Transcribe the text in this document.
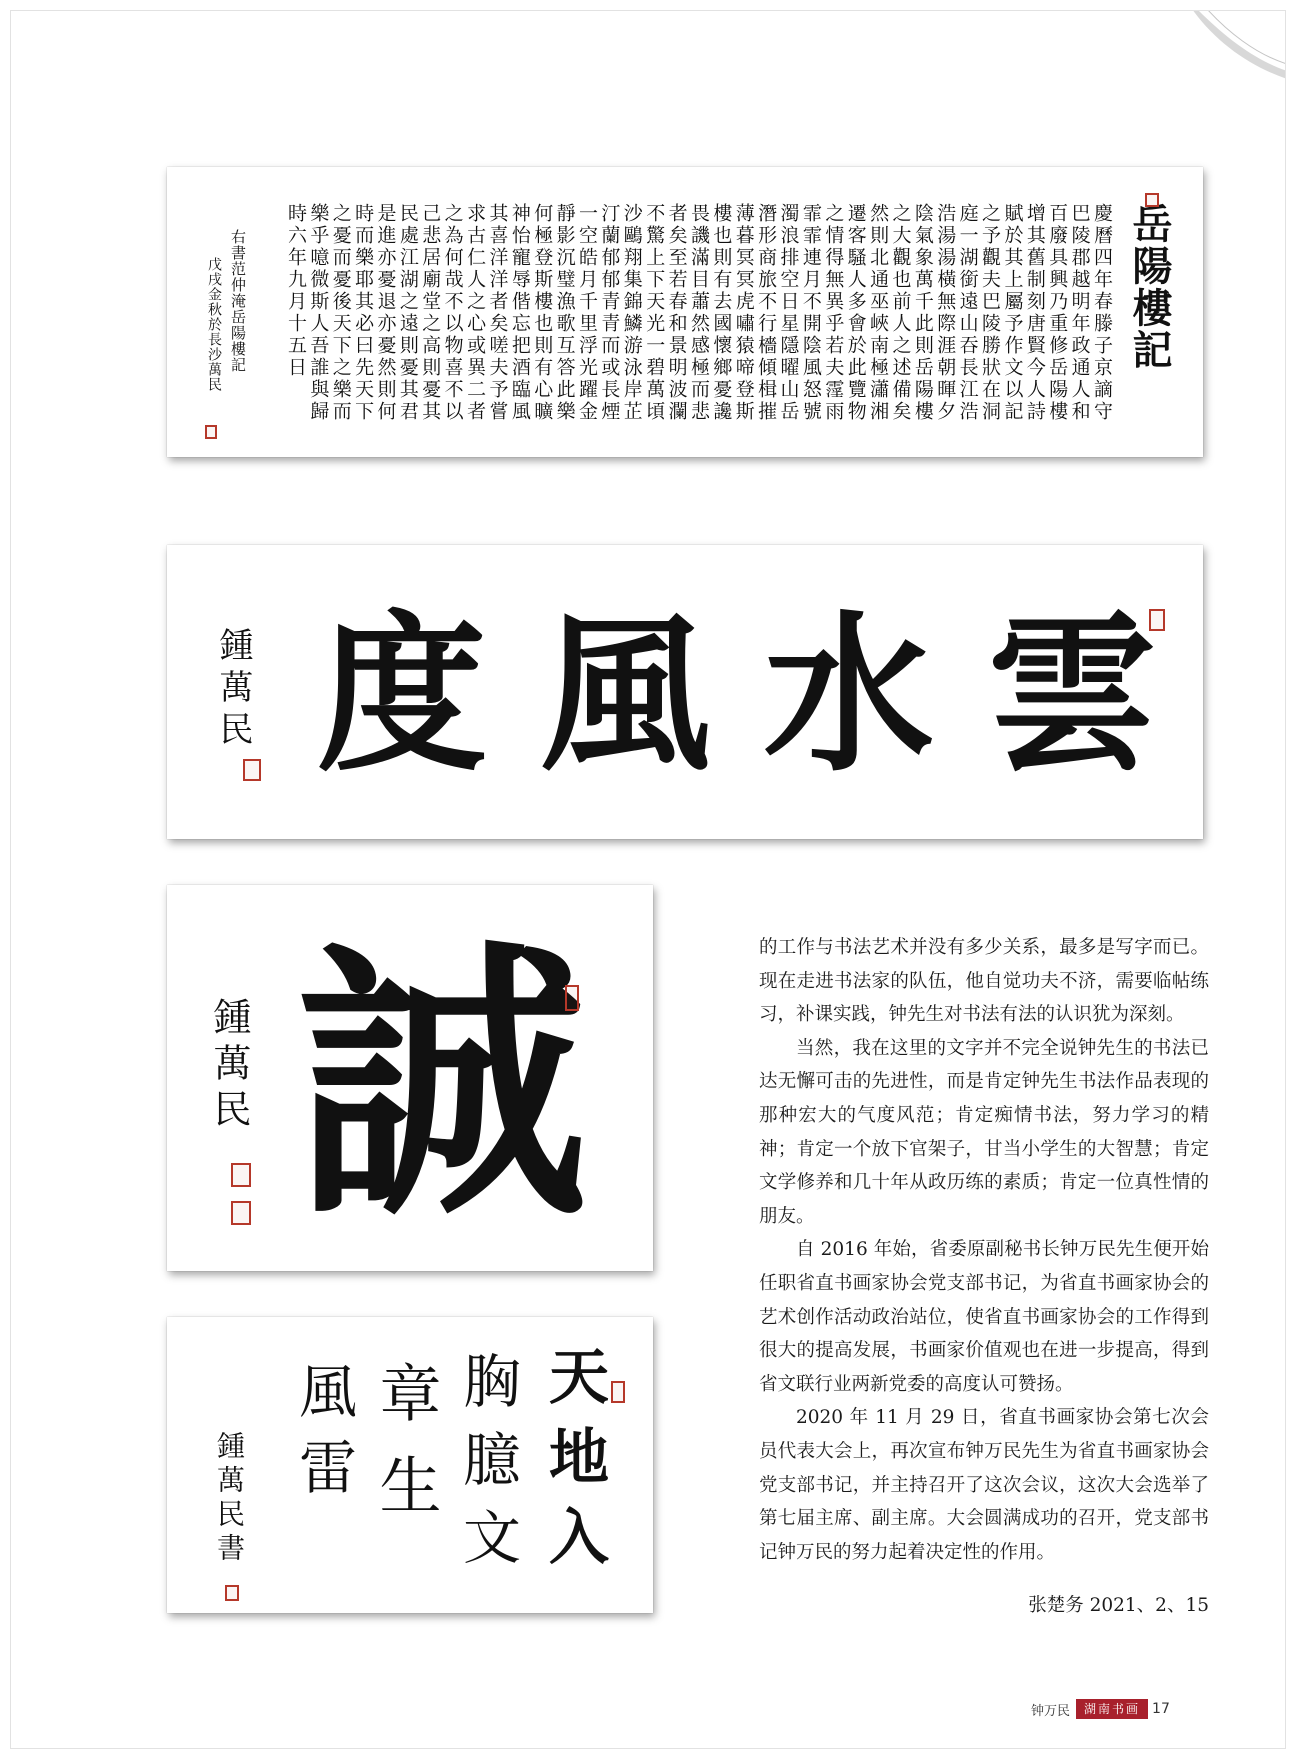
岳陽樓記
慶曆四年春滕子京謫守
巴陵郡越明年政通人和
百廢具興乃重修岳陽樓
增其舊制刻唐賢今人詩
賦於其上屬予作文以記
之予觀夫巴陵勝狀在洞
庭一湖銜遠山吞長江浩
浩湯湯橫無際涯朝暉夕
陰氣象萬千此則岳陽樓
之大觀也前人之述備矣
然則北通巫峽南極瀟湘
遷客騷人多會於此覽物
之情得無異乎若夫霪雨
霏霏連月不開陰風怒號
濁浪排空日星隱曜山岳
潛形商旅不行檣傾楫摧
薄暮冥冥虎嘯猿啼登斯
樓也則有去國懷鄉憂讒
畏譏滿目蕭然感極而悲
者矣至若春和景明波瀾
不驚上下天光一碧萬頃
沙鷗翔集錦鱗游泳岸芷
汀蘭郁郁青青而或長煙
一空皓月千里浮光躍金
靜影沉璧漁歌互答此樂
何極登斯樓也則有心曠
神怡寵辱偕忘把酒臨風
其喜洋洋者矣嗟夫予嘗
求古仁人之心或異二者
之為何哉不以物喜不以
己悲居廟堂之高則憂其
民處江湖之遠則憂其君
是進亦憂退亦憂然則何
時而樂耶其必曰先天下
之憂而憂後天下之樂而
樂乎噫微斯人吾誰與歸
時六年九月十五日
右書范仲淹岳陽樓記
戊戌金秋於長沙萬民
雲
水
風
度
鍾萬民
誠
鍾萬民
天地入
胸臆文
章生
風雷
鍾萬民書

的工作与书法艺术并没有多少关系，最多是写字而已。现在走进书法家的队伍，他自觉功夫不济，需要临帖练习，补课实践，钟先生对书法有法的认识犹为深刻。

当然，我在这里的文字并不完全说钟先生的书法已达无懈可击的先进性，而是肯定钟先生书法作品表现的那种宏大的气度风范；肯定痴情书法，努力学习的精神；肯定一个放下官架子，甘当小学生的大智慧；肯定文学修养和几十年从政历练的素质；肯定一位真性情的朋友。

自 2016 年始，省委原副秘书长钟万民先生便开始任职省直书画家协会党支部书记，为省直书画家协会的艺术创作活动政治站位，使省直书画家协会的工作得到很大的提高发展，书画家价值观也在进一步提高，得到省文联行业两新党委的高度认可赞扬。

2020 年 11 月 29 日，省直书画家协会第七次会员代表大会上，再次宣布钟万民先生为省直书画家协会党支部书记，并主持召开了这次会议，这次大会选举了第七届主席、副主席。大会圆满成功的召开，党支部书记钟万民的努力起着决定性的作用。

张楚务 2021、2、15
钟万民	湖南书画 17
